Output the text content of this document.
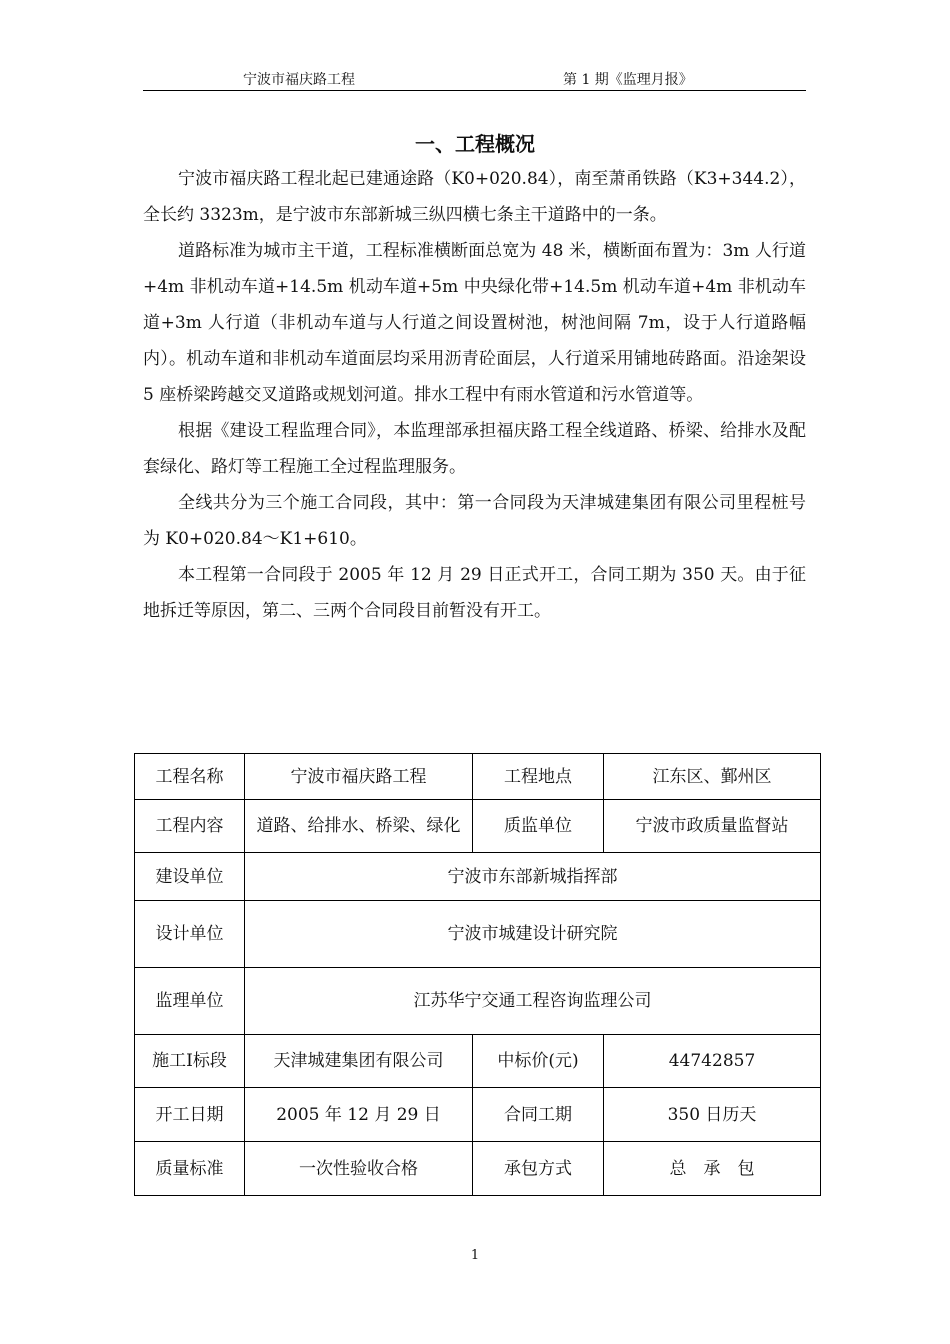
宁波市福庆路工程	第 1 期《监理月报》
一、工程概况

宁波市福庆路工程北起已建通途路（K0+020.84），南至萧甬铁路（K3+344.2），全长约 3323m，是宁波市东部新城三纵四横七条主干道路中的一条。

道路标准为城市主干道，工程标准横断面总宽为 48 米，横断面布置为：3m 人行道+4m 非机动车道+14.5m 机动车道+5m 中央绿化带+14.5m 机动车道+4m 非机动车道+3m 人行道（非机动车道与人行道之间设置树池，树池间隔 7m，设于人行道路幅内）。机动车道和非机动车道面层均采用沥青砼面层，人行道采用铺地砖路面。沿途架设 5 座桥梁跨越交叉道路或规划河道。排水工程中有雨水管道和污水管道等。

根据《建设工程监理合同》，本监理部承担福庆路工程全线道路、桥梁、给排水及配套绿化、路灯等工程施工全过程监理服务。

全线共分为三个施工合同段，其中：第一合同段为天津城建集团有限公司里程桩号为 K0+020.84～K1+610。

本工程第一合同段于 2005 年 12 月 29 日正式开工，合同工期为 350 天。由于征地拆迁等原因，第二、三两个合同段目前暂没有开工。

工程名称	宁波市福庆路工程	工程地点	江东区、鄞州区
工程内容	道路、给排水、桥梁、绿化	质监单位	宁波市政质量监督站
建设单位	宁波市东部新城指挥部		
设计单位	宁波市城建设计研究院		
监理单位	江苏华宁交通工程咨询监理公司		
施工Ⅰ标段	天津城建集团有限公司	中标价(元)	44742857
开工日期	2005 年 12 月 29 日	合同工期	350 日历天
质量标准	一次性验收合格	承包方式	总　承　包
1
